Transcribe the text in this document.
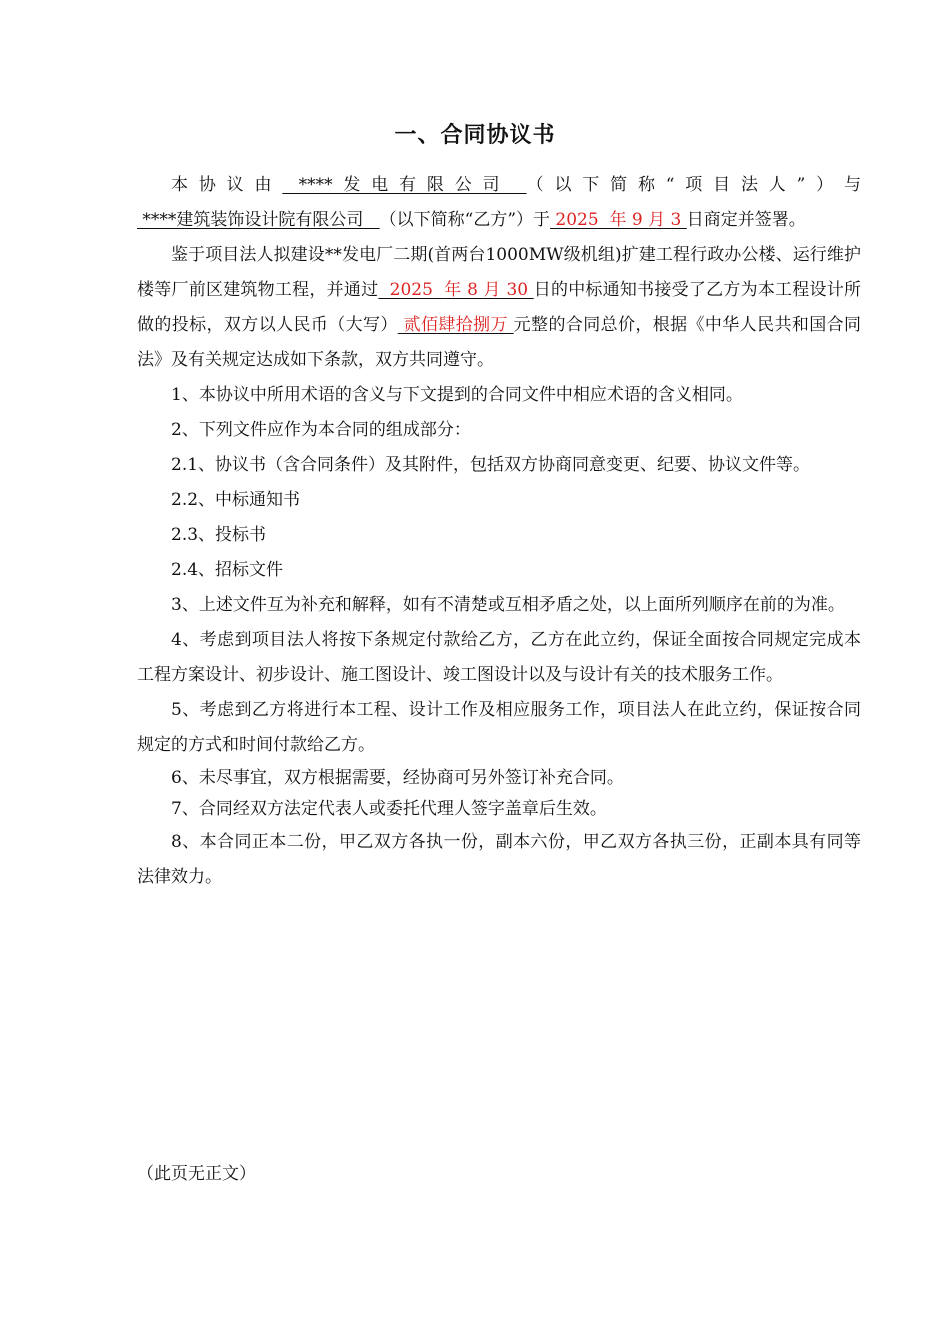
一、合同协议书

本协议由 ****发电有限公司 （以下简称“项目法人”）与 ****建筑装饰设计院有限公司   （以下简称“乙方”）于 2025  年 9 月 3 日商定并签署。

鉴于项目法人拟建设**发电厂二期(首两台1000MW级机组)扩建工程行政办公楼、运行维护楼等厂前区建筑物工程，并通过  2025  年 8 月 30 日的中标通知书接受了乙方为本工程设计所做的投标，双方以人民币（大写） 贰佰肆拾捌万 元整的合同总价，根据《中华人民共和国合同法》及有关规定达成如下条款，双方共同遵守。

1、本协议中所用术语的含义与下文提到的合同文件中相应术语的含义相同。

2、下列文件应作为本合同的组成部分：

2.1、协议书（含合同条件）及其附件，包括双方协商同意变更、纪要、协议文件等。

2.2、中标通知书

2.3、投标书

2.4、招标文件

3、上述文件互为补充和解释，如有不清楚或互相矛盾之处，以上面所列顺序在前的为准。

4、考虑到项目法人将按下条规定付款给乙方，乙方在此立约，保证全面按合同规定完成本工程方案设计、初步设计、施工图设计、竣工图设计以及与设计有关的技术服务工作。

5、考虑到乙方将进行本工程、设计工作及相应服务工作，项目法人在此立约，保证按合同规定的方式和时间付款给乙方。

6、未尽事宜，双方根据需要，经协商可另外签订补充合同。

7、合同经双方法定代表人或委托代理人签字盖章后生效。

8、本合同正本二份，甲乙双方各执一份，副本六份，甲乙双方各执三份，正副本具有同等法律效力。

（此页无正文）
